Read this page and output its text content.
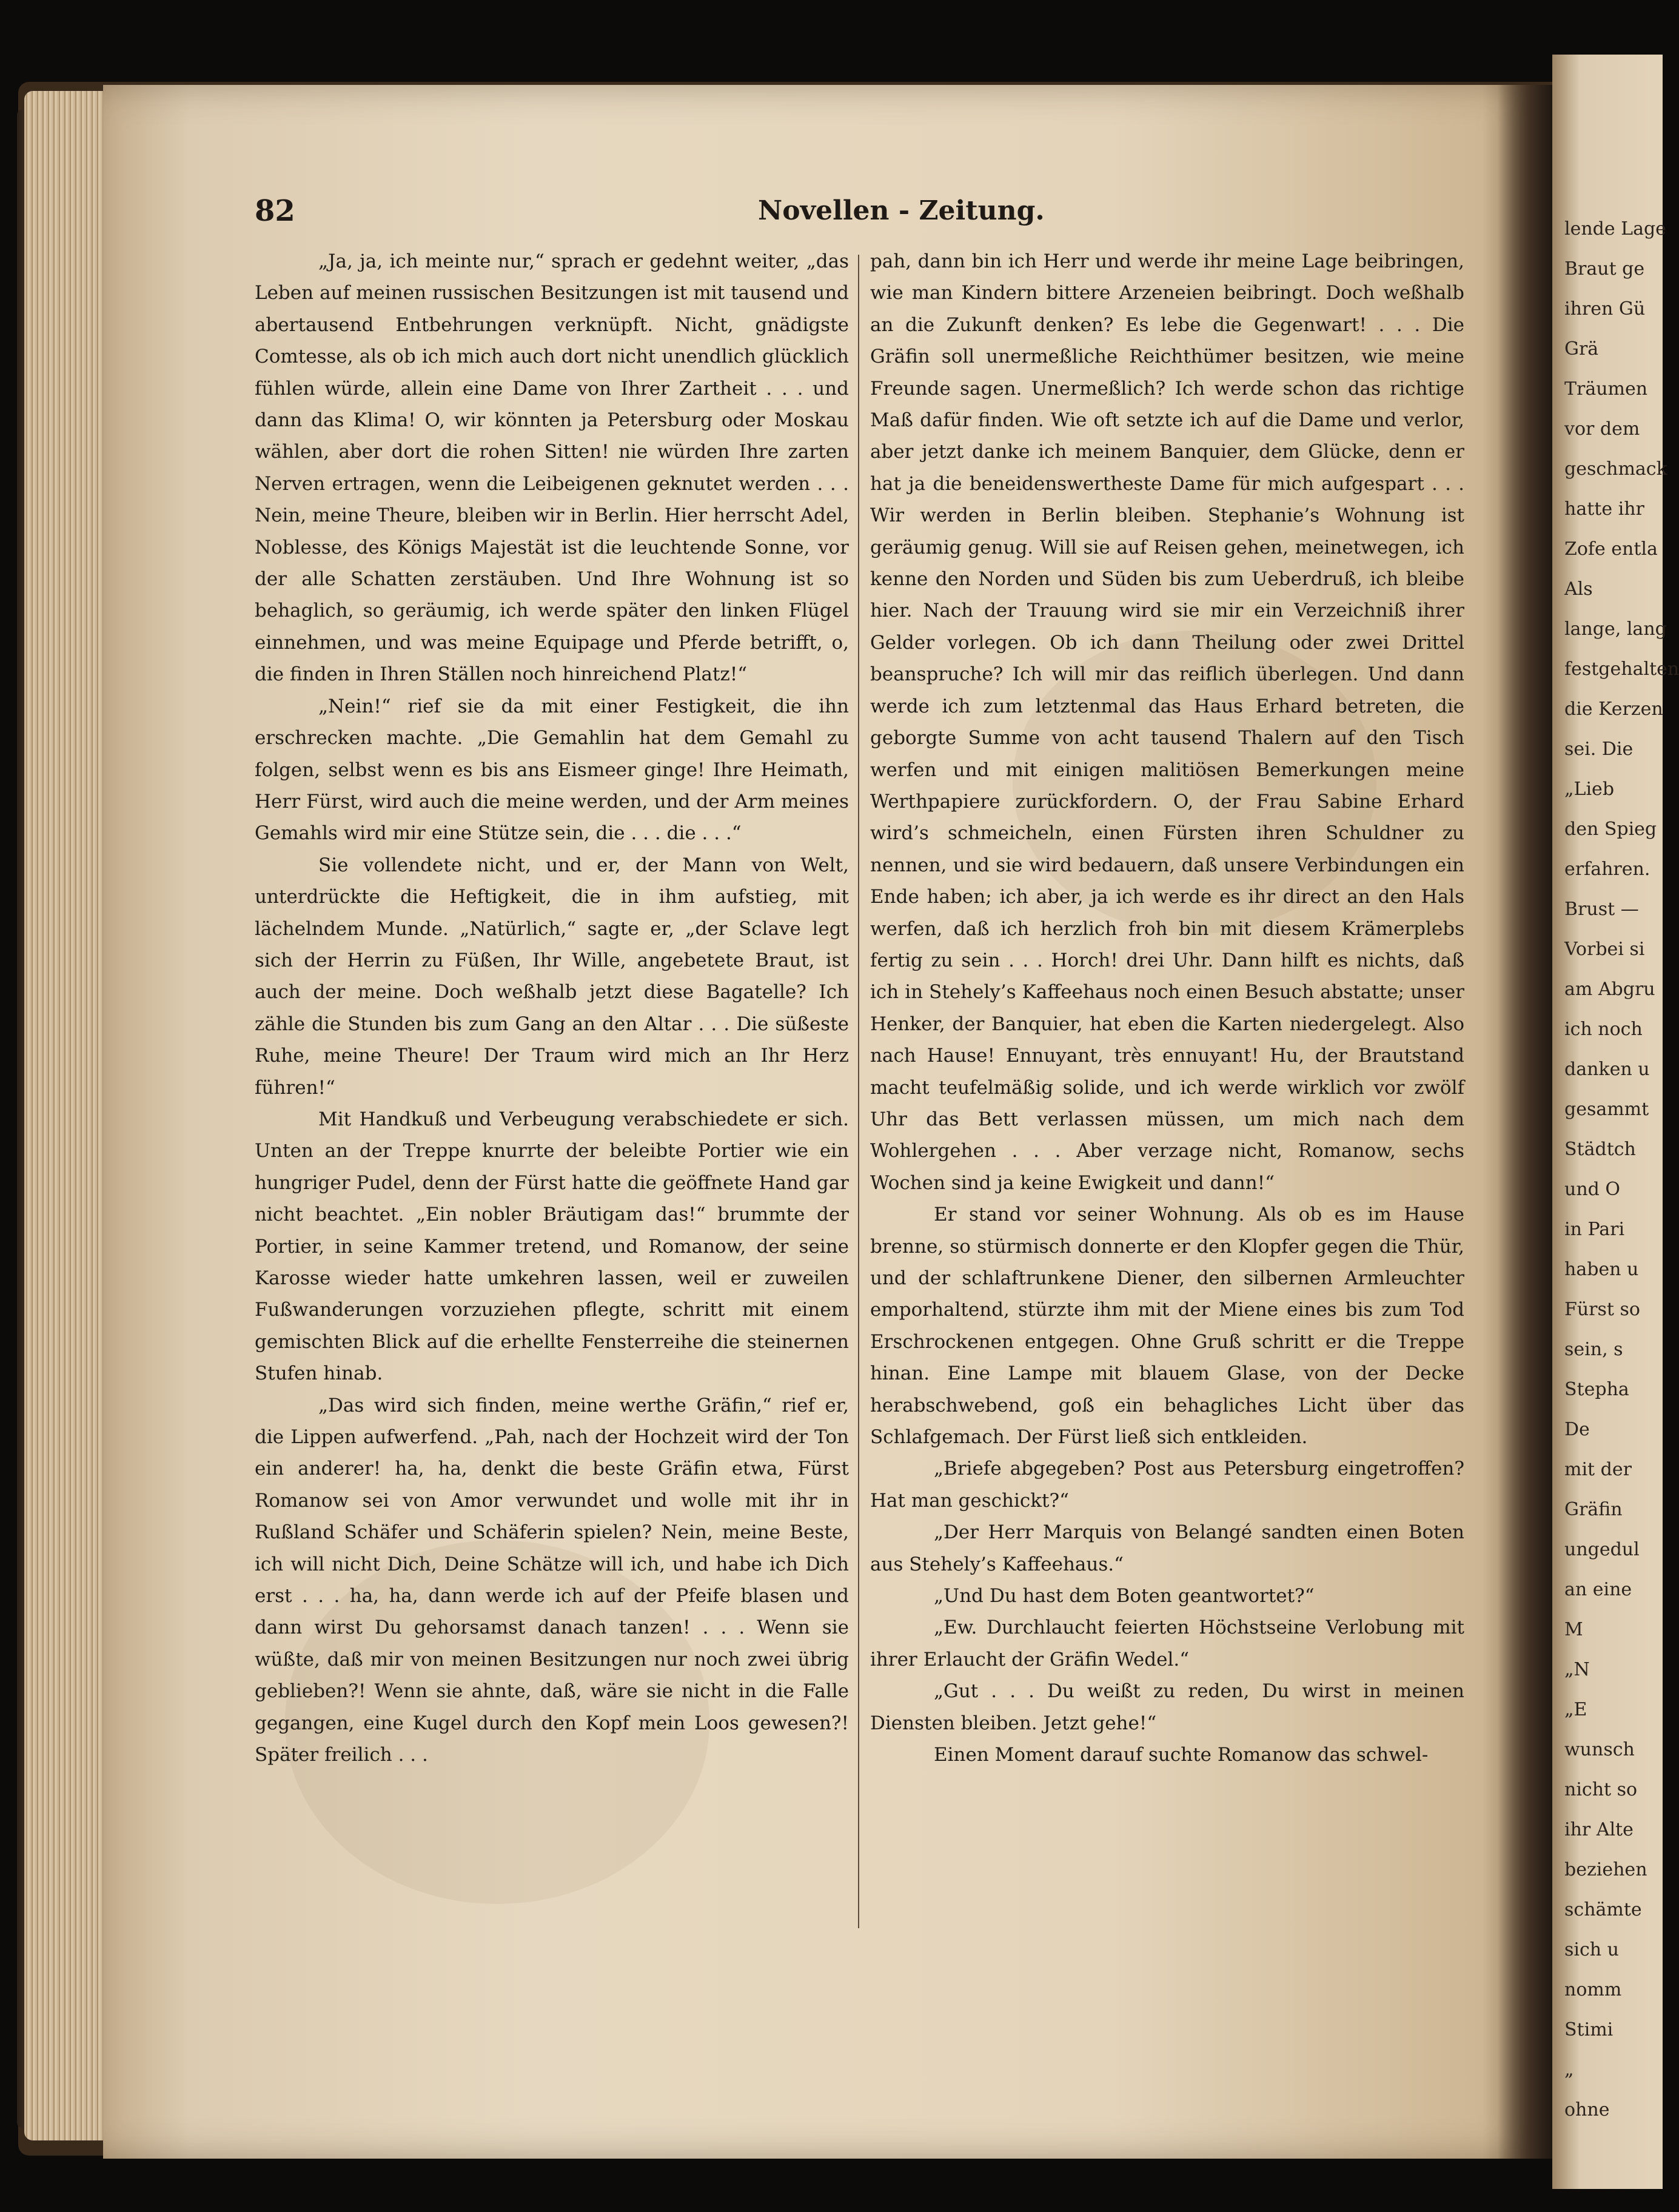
lende Lage
Braut ge
ihren Gü
Grä
Träumen
vor dem
geschmack
hatte ihr
Zofe entla
Als
lange, lang
festgehalten
die Kerzen
sei. Die
„Lieb
den Spieg
erfahren.
Brust —
Vorbei si
am Abgru
ich noch
danken u
gesammt
Städtch
und O
in Pari
haben u
Fürst so
sein, s
Stepha
De
mit der
Gräfin
ungedul
an eine
M
„N
„E
wunsch
nicht so
ihr Alte
beziehen
schämte
sich u
nomm
Stimi
„
ohne
82	Novellen - Zeitung.

„Ja, ja, ich meinte nur,“ sprach er gedehnt weiter, „das Leben auf meinen russischen Besitzungen ist mit tausend und abertausend Entbehrungen verknüpft. Nicht, gnädigste Comtesse, als ob ich mich auch dort nicht unendlich glücklich fühlen würde, allein eine Dame von Ihrer Zartheit . . . und dann das Klima! O, wir könnten ja Petersburg oder Moskau wählen, aber dort die rohen Sitten! nie würden Ihre zarten Nerven ertragen, wenn die Leibeigenen geknutet werden . . . Nein, meine Theure, bleiben wir in Berlin. Hier herrscht Adel, Noblesse, des Königs Majestät ist die leuchtende Sonne, vor der alle Schatten zerstäuben. Und Ihre Wohnung ist so behaglich, so geräumig, ich werde später den linken Flügel einnehmen, und was meine Equipage und Pferde betrifft, o, die finden in Ihren Ställen noch hinreichend Platz!“

„Nein!“ rief sie da mit einer Festigkeit, die ihn erschrecken machte. „Die Gemahlin hat dem Gemahl zu folgen, selbst wenn es bis ans Eismeer ginge! Ihre Heimath, Herr Fürst, wird auch die meine werden, und der Arm meines Gemahls wird mir eine Stütze sein, die . . . die . . .“

Sie vollendete nicht, und er, der Mann von Welt, unterdrückte die Heftigkeit, die in ihm aufstieg, mit lächelndem Munde. „Natürlich,“ sagte er, „der Sclave legt sich der Herrin zu Füßen, Ihr Wille, angebetete Braut, ist auch der meine. Doch weßhalb jetzt diese Bagatelle? Ich zähle die Stunden bis zum Gang an den Altar . . . Die süßeste Ruhe, meine Theure! Der Traum wird mich an Ihr Herz führen!“

Mit Handkuß und Verbeugung verabschiedete er sich. Unten an der Treppe knurrte der beleibte Portier wie ein hungriger Pudel, denn der Fürst hatte die geöffnete Hand gar nicht beachtet. „Ein nobler Bräutigam das!“ brummte der Portier, in seine Kammer tretend, und Romanow, der seine Karosse wieder hatte umkehren lassen, weil er zuweilen Fußwanderungen vorzuziehen pflegte, schritt mit einem gemischten Blick auf die erhellte Fensterreihe die steinernen Stufen hinab.

„Das wird sich finden, meine werthe Gräfin,“ rief er, die Lippen aufwerfend. „Pah, nach der Hochzeit wird der Ton ein anderer! ha, ha, denkt die beste Gräfin etwa, Fürst Romanow sei von Amor verwundet und wolle mit ihr in Rußland Schäfer und Schäferin spielen? Nein, meine Beste, ich will nicht Dich, Deine Schätze will ich, und habe ich Dich erst . . . ha, ha, dann werde ich auf der Pfeife blasen und dann wirst Du gehorsamst danach tanzen! . . . Wenn sie wüßte, daß mir von meinen Besitzungen nur noch zwei übrig geblieben?! Wenn sie ahnte, daß, wäre sie nicht in die Falle gegangen, eine Kugel durch den Kopf mein Loos gewesen?! Später freilich . . .

pah, dann bin ich Herr und werde ihr meine Lage beibringen, wie man Kindern bittere Arzeneien beibringt. Doch weßhalb an die Zukunft denken? Es lebe die Gegenwart! . . . Die Gräfin soll unermeßliche Reichthümer besitzen, wie meine Freunde sagen. Unermeßlich? Ich werde schon das richtige Maß dafür finden. Wie oft setzte ich auf die Dame und verlor, aber jetzt danke ich meinem Banquier, dem Glücke, denn er hat ja die beneidenswertheste Dame für mich aufgespart . . . Wir werden in Berlin bleiben. Stephanie’s Wohnung ist geräumig genug. Will sie auf Reisen gehen, meinetwegen, ich kenne den Norden und Süden bis zum Ueberdruß, ich bleibe hier. Nach der Trauung wird sie mir ein Verzeichniß ihrer Gelder vorlegen. Ob ich dann Theilung oder zwei Drittel beanspruche? Ich will mir das reiflich überlegen. Und dann werde ich zum letztenmal das Haus Erhard betreten, die geborgte Summe von acht tausend Thalern auf den Tisch werfen und mit einigen malitiösen Bemerkungen meine Werthpapiere zurückfordern. O, der Frau Sabine Erhard wird’s schmeicheln, einen Fürsten ihren Schuldner zu nennen, und sie wird bedauern, daß unsere Verbindungen ein Ende haben; ich aber, ja ich werde es ihr direct an den Hals werfen, daß ich herzlich froh bin mit diesem Krämerplebs fertig zu sein . . . Horch! drei Uhr. Dann hilft es nichts, daß ich in Stehely’s Kaffeehaus noch einen Besuch abstatte; unser Henker, der Banquier, hat eben die Karten niedergelegt. Also nach Hause! Ennuyant, très ennuyant! Hu, der Brautstand macht teufelmäßig solide, und ich werde wirklich vor zwölf Uhr das Bett verlassen müssen, um mich nach dem Wohlergehen . . . Aber verzage nicht, Romanow, sechs Wochen sind ja keine Ewigkeit und dann!“

Er stand vor seiner Wohnung. Als ob es im Hause brenne, so stürmisch donnerte er den Klopfer gegen die Thür, und der schlaftrunkene Diener, den silbernen Armleuchter emporhaltend, stürzte ihm mit der Miene eines bis zum Tod Erschrockenen entgegen. Ohne Gruß schritt er die Treppe hinan. Eine Lampe mit blauem Glase, von der Decke herabschwebend, goß ein behagliches Licht über das Schlafgemach. Der Fürst ließ sich entkleiden.

„Briefe abgegeben? Post aus Petersburg eingetroffen? Hat man geschickt?“

„Der Herr Marquis von Belangé sandten einen Boten aus Stehely’s Kaffeehaus.“

„Und Du hast dem Boten geantwortet?“

„Ew. Durchlaucht feierten Höchstseine Verlobung mit ihrer Erlaucht der Gräfin Wedel.“

„Gut . . . Du weißt zu reden, Du wirst in meinen Diensten bleiben. Jetzt gehe!“

Einen Moment darauf suchte Romanow das schwel-
